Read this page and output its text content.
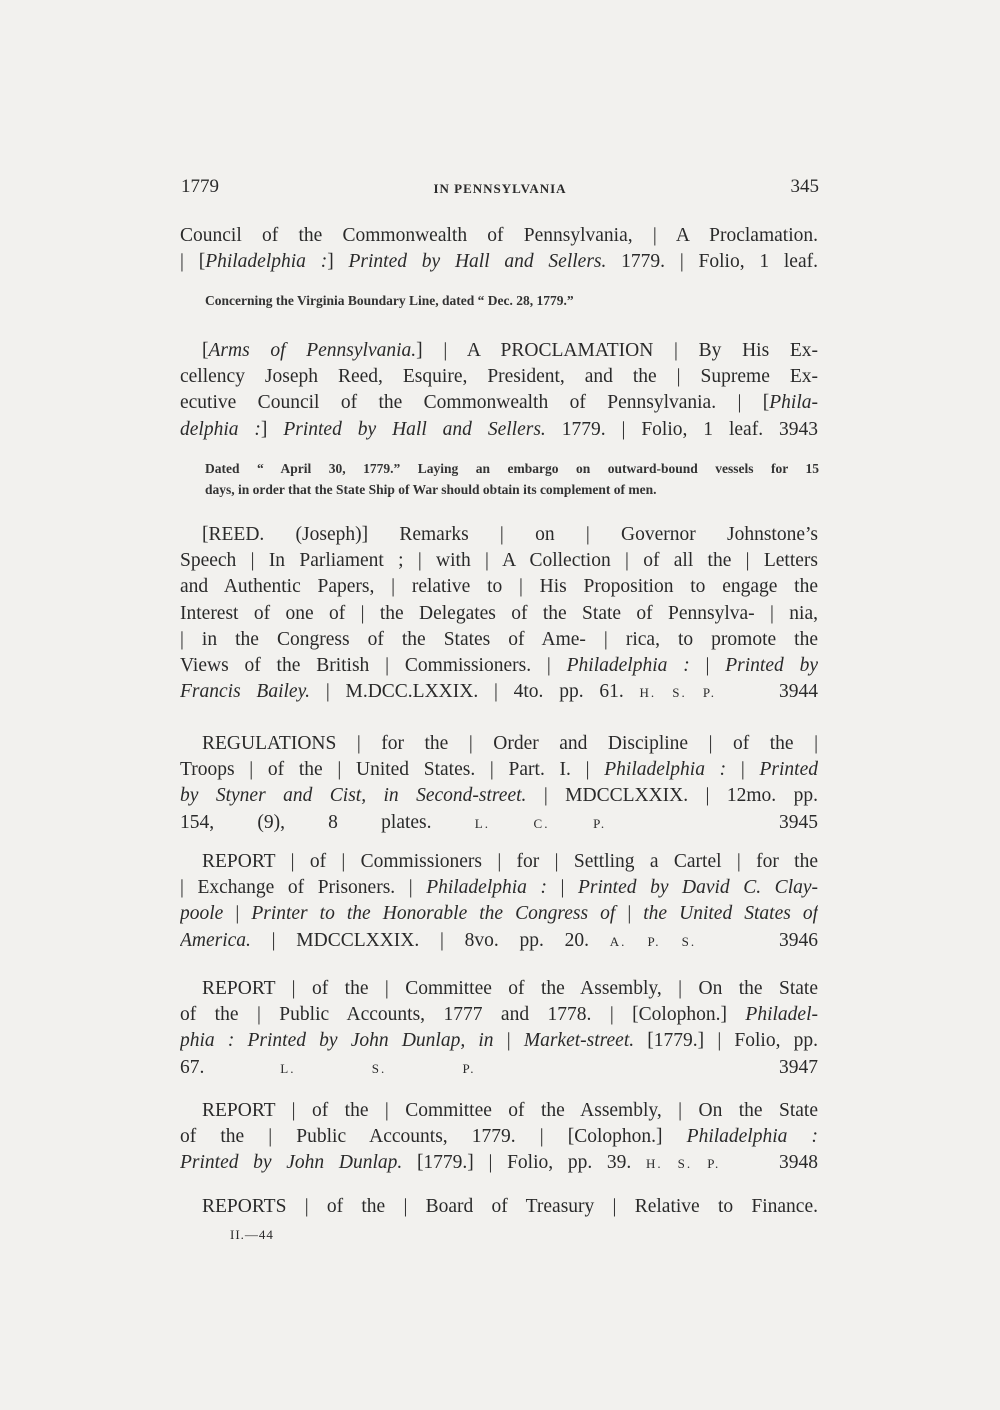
1779	IN PENNSYLVANIA	345
Council of the Commonwealth of Pennsylvania, | A Proclamation.
| [Philadelphia :] Printed by Hall and Sellers. 1779. | Folio, 1 leaf.
Concerning the Virginia Boundary Line, dated “ Dec. 28, 1779.”
[Arms of Pennsylvania.] | A PROCLAMATION | By His Ex-
cellency Joseph Reed, Esquire, President, and the | Supreme Ex-
ecutive Council of the Commonwealth of Pennsylvania. | [Phila-
delphia :] Printed by Hall and Sellers. 1779. | Folio, 1 leaf. 3943
Dated “ April 30, 1779.” Laying an embargo on outward-bound vessels for 15
days, in order that the State Ship of War should obtain its complement of men.
[REED. (Joseph)] Remarks | on | Governor Johnstone’s
Speech | In Parliament ; | with | A Collection | of all the | Letters
and Authentic Papers, | relative to | His Proposition to engage the
Interest of one of | the Delegates of the State of Pennsylva- | nia,
| in the Congress of the States of Ame- | rica, to promote the
Views of the British | Commissioners. | Philadelphia : | Printed by
Francis Bailey. | M.DCC.LXXIX. | 4to. pp. 61. H. S. P.	3944
REGULATIONS | for the | Order and Discipline | of the |
Troops | of the | United States. | Part. I. | Philadelphia : | Printed
by Styner and Cist, in Second-street. | MDCCLXXIX. | 12mo. pp.
154, (9), 8 plates.	L. C. P.	3945
REPORT | of | Commissioners | for | Settling a Cartel | for the
| Exchange of Prisoners. | Philadelphia : | Printed by David C. Clay-
poole | Printer to the Honorable the Congress of | the United States of
America. | MDCCLXXIX. | 8vo. pp. 20. A. P. S.	3946
REPORT | of the | Committee of the Assembly, | On the State
of the | Public Accounts, 1777 and 1778. | [Colophon.] Philadel-
phia : Printed by John Dunlap, in | Market-street. [1779.] | Folio, pp.
67.	L. S. P.	3947
REPORT | of the | Committee of the Assembly, | On the State
of the | Public Accounts, 1779. | [Colophon.] Philadelphia :
Printed by John Dunlap. [1779.] | Folio, pp. 39. H. S. P.	3948
REPORTS | of the | Board of Treasury | Relative to Finance.
II.—44
